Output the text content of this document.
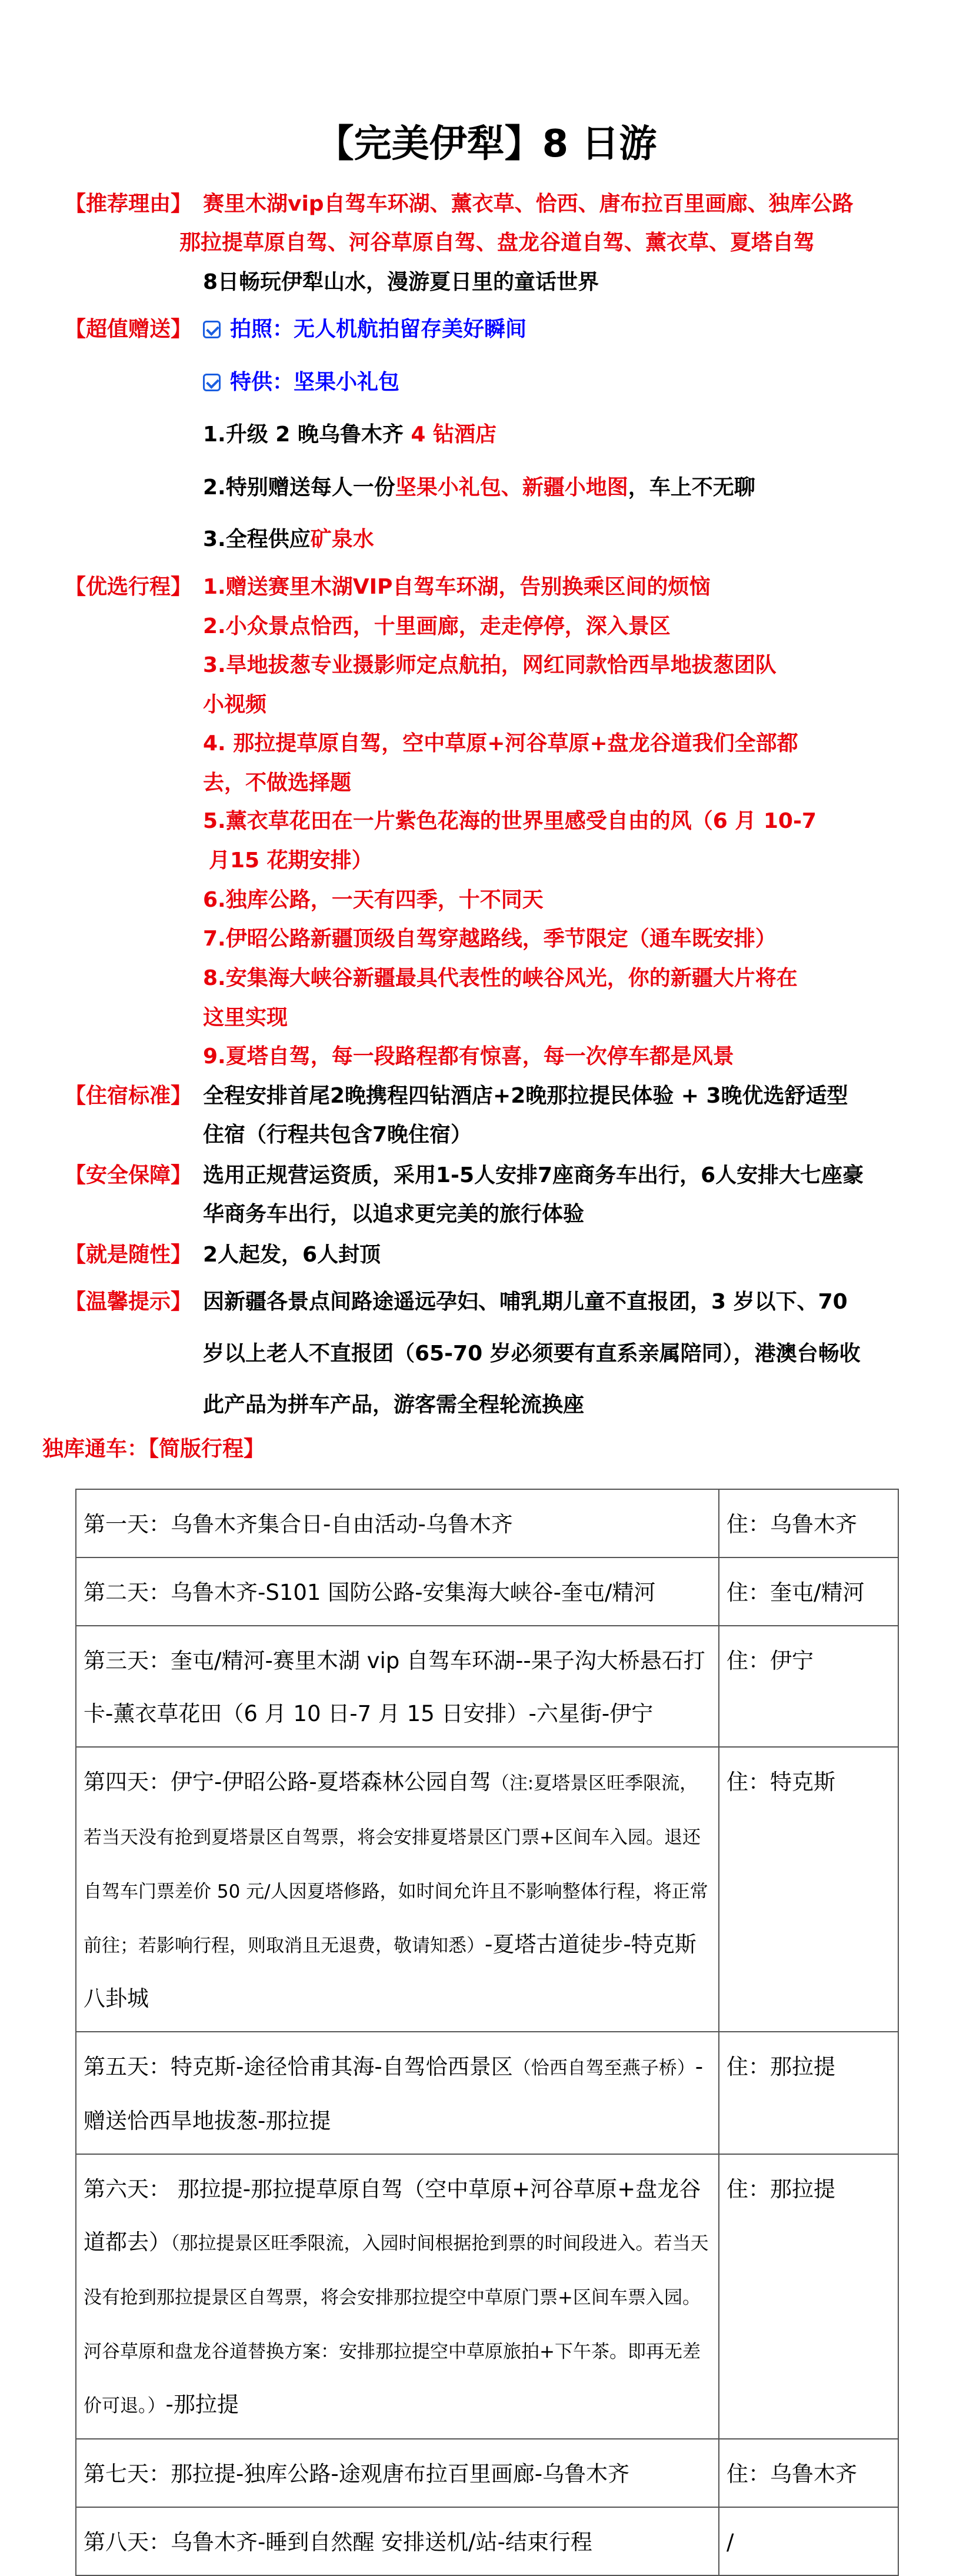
【完美伊犁】8 日游
【推荐理由】 赛里木湖vip自驾车环湖、薰衣草、恰西、唐布拉百里画廊、独库公路
那拉提草原自驾、河谷草原自驾、盘龙谷道自驾、薰衣草、夏塔自驾
8日畅玩伊犁山水，漫游夏日里的童话世界
【超值赠送】	拍照：无人机航拍留存美好瞬间
特供：坚果小礼包
1.升级 2 晚乌鲁木齐 4 钻酒店
2.特别赠送每人一份坚果小礼包、新疆小地图，车上不无聊
3.全程供应矿泉水
【优选行程】 1.赠送赛里木湖VIP自驾车环湖，告别换乘区间的烦恼
2.小众景点恰西，十里画廊，走走停停，深入景区
3.旱地拔葱专业摄影师定点航拍，网红同款恰西旱地拔葱团队
小视频
4. 那拉提草原自驾，空中草原+河谷草原+盘龙谷道我们全部都
去，不做选择题
5.薰衣草花田在一片紫色花海的世界里感受自由的风（6 月 10-7
月15 花期安排）
6.独库公路，一天有四季，十不同天
7.伊昭公路新疆顶级自驾穿越路线，季节限定（通车既安排）
8.安集海大峡谷新疆最具代表性的峡谷风光，你的新疆大片将在
这里实现
9.夏塔自驾，每一段路程都有惊喜，每一次停车都是风景
【住宿标准】 全程安排首尾2晚携程四钻酒店+2晚那拉提民体验 + 3晚优选舒适型
住宿（行程共包含7晚住宿）
【安全保障】 选用正规营运资质，采用1-5人安排7座商务车出行，6人安排大七座豪
华商务车出行，以追求更完美的旅行体验
【就是随性】 2人起发，6人封顶
【温馨提示】 因新疆各景点间路途遥远孕妇、哺乳期儿童不直报团，3 岁以下、70
岁以上老人不直报团（65-70 岁必须要有直系亲属陪同），港澳台畅收
此产品为拼车产品，游客需全程轮流换座
独库通车：【简版行程】
第一天：乌鲁木齐集合日-自由活动-乌鲁木齐	住：乌鲁木齐
第二天：乌鲁木齐-S101 国防公路-安集海大峡谷-奎屯/精河	住：奎屯/精河
第三天：奎屯/精河-赛里木湖 vip 自驾车环湖--果子沟大桥悬石打卡-薰衣草花田（6 月 10 日-7 月 15 日安排）-六星街-伊宁	住：伊宁
第四天：伊宁-伊昭公路-夏塔森林公园自驾（注:夏塔景区旺季限流，若当天没有抢到夏塔景区自驾票，将会安排夏塔景区门票+区间车入园。退还自驾车门票差价 50 元/人因夏塔修路，如时间允许且不影响整体行程，将正常前往；若影响行程，则取消且无退费，敬请知悉）-夏塔古道徒步-特克斯八卦城	住：特克斯
第五天：特克斯-途径恰甫其海-自驾恰西景区（恰西自驾至燕子桥）-赠送恰西旱地拔葱-那拉提	住：那拉提
第六天： 那拉提-那拉提草原自驾（空中草原+河谷草原+盘龙谷道都去）（那拉提景区旺季限流，入园时间根据抢到票的时间段进入。若当天没有抢到那拉提景区自驾票，将会安排那拉提空中草原门票+区间车票入园。河谷草原和盘龙谷道替换方案：安排那拉提空中草原旅拍+下午茶。即再无差价可退。）-那拉提	住：那拉提
第七天：那拉提-独库公路-途观唐布拉百里画廊-乌鲁木齐	住：乌鲁木齐
第八天：乌鲁木齐-睡到自然醒 安排送机/站-结束行程	/
